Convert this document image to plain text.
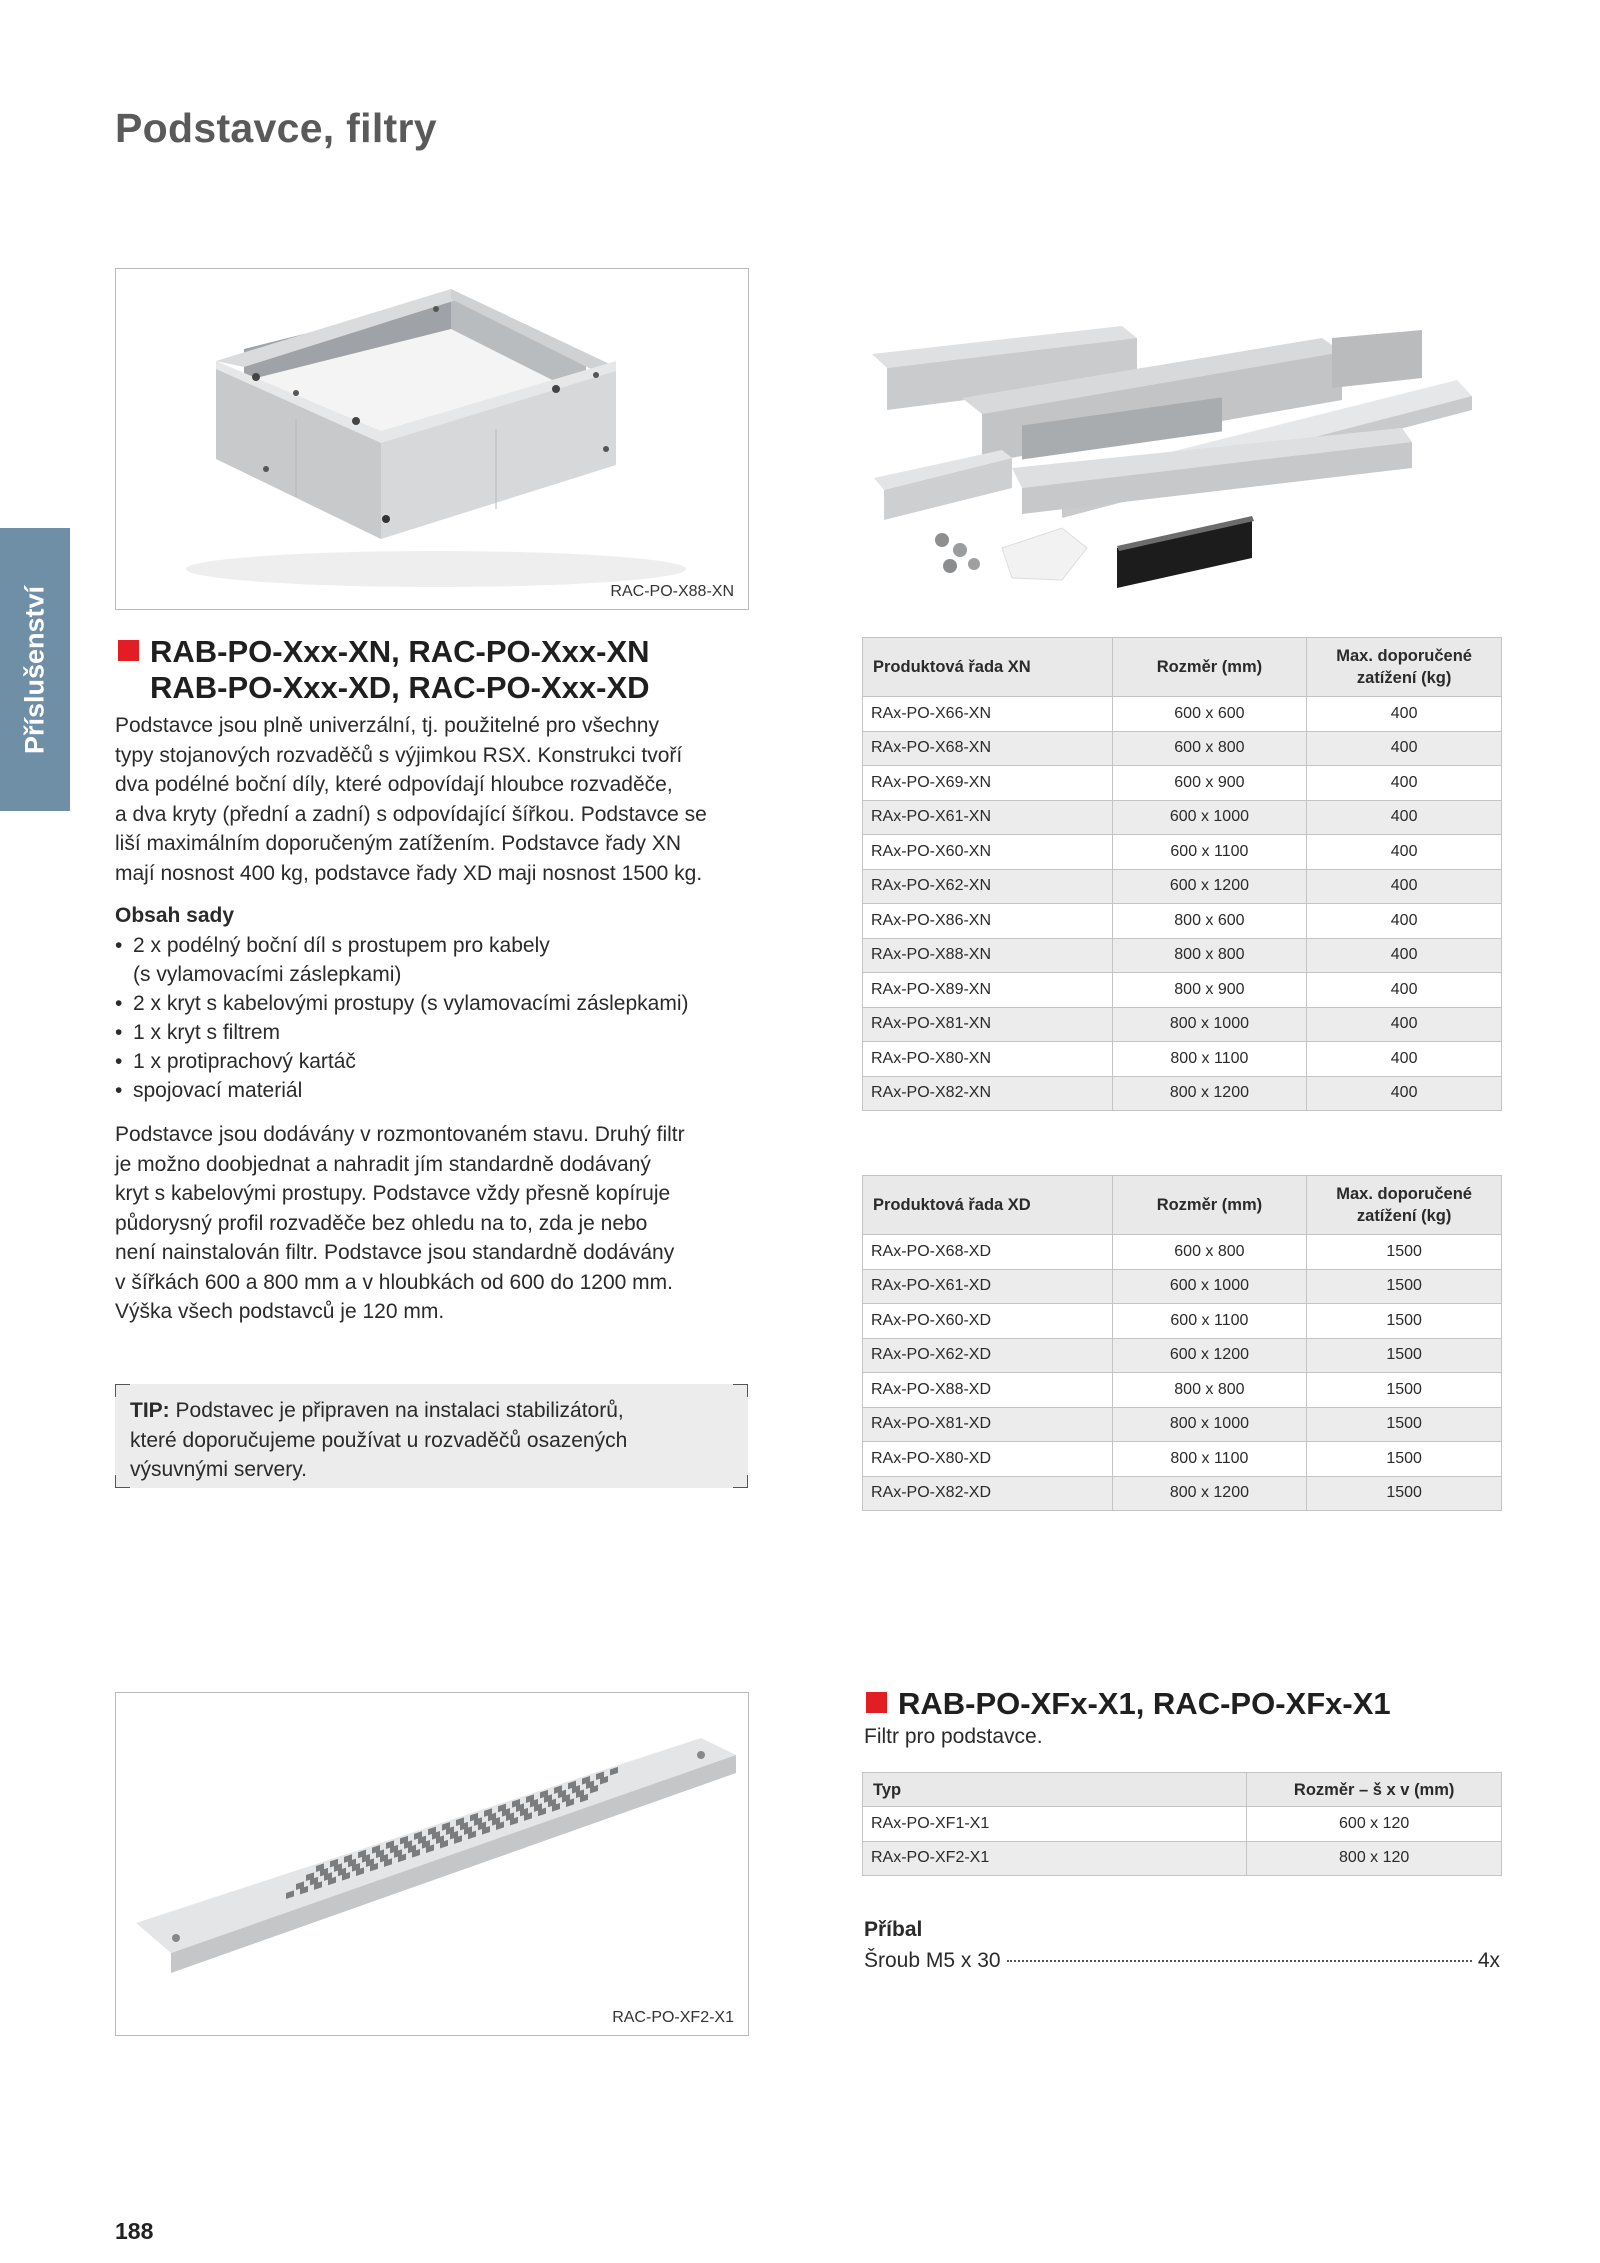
Podstavce, filtry
Příslušenství	RAC-PO-X88-XN
RAB-PO-Xxx-XN, RAC-PO-Xxx-XN
RAB-PO-Xxx-XD, RAC-PO-Xxx-XD
Podstavce jsou plně univerzální, tj. použitelné pro všechny
typy stojanových rozvaděčů s výjimkou RSX. Konstrukci tvoří
dva podélné boční díly, které odpovídají hloubce rozvaděče,
a dva kryty (přední a zadní) s odpovídající šířkou. Podstavce se
liší maximálním doporučeným zatížením. Podstavce řady XN
mají nosnost 400 kg, podstavce řady XD maji nosnost 1500 kg.
Obsah sady
• 2 x podélný boční díl s prostupem pro kabely
(s vylamovacími záslepkami)
• 2 x kryt s kabelovými prostupy (s vylamovacími záslepkami)
• 1 x kryt s filtrem
• 1 x protiprachový kartáč
• spojovací materiál
Podstavce jsou dodávány v rozmontovaném stavu. Druhý filtr
je možno doobjednat a nahradit jím standardně dodávaný
kryt s kabelovými prostupy. Podstavce vždy přesně kopíruje
půdorysný profil rozvaděče bez ohledu na to, zda je nebo
není nainstalován filtr. Podstavce jsou standardně dodávány
v šířkách 600 a 800 mm a v hloubkách od 600 do 1200 mm.
Výška všech podstavců je 120 mm.
TIP: Podstavec je připraven na instalaci stabilizátorů,
které doporučujeme používat u rozvaděčů osazených
výsuvnými servery.
Produktová řada XN	Rozměr (mm)	Max. doporučené zatížení (kg)
RAx-PO-X66-XN	600 x 600	400
RAx-PO-X68-XN	600 x 800	400
RAx-PO-X69-XN	600 x 900	400
RAx-PO-X61-XN	600 x 1000	400
RAx-PO-X60-XN	600 x 1100	400
RAx-PO-X62-XN	600 x 1200	400
RAx-PO-X86-XN	800 x 600	400
RAx-PO-X88-XN	800 x 800	400
RAx-PO-X89-XN	800 x 900	400
RAx-PO-X81-XN	800 x 1000	400
RAx-PO-X80-XN	800 x 1100	400
RAx-PO-X82-XN	800 x 1200	400
Produktová řada XD	Rozměr (mm)	Max. doporučené zatížení (kg)
RAx-PO-X68-XD	600 x 800	1500
RAx-PO-X61-XD	600 x 1000	1500
RAx-PO-X60-XD	600 x 1100	1500
RAx-PO-X62-XD	600 x 1200	1500
RAx-PO-X88-XD	800 x 800	1500
RAx-PO-X81-XD	800 x 1000	1500
RAx-PO-X80-XD	800 x 1100	1500
RAx-PO-X82-XD	800 x 1200	1500
RAC-PO-XF2-X1
RAB-PO-XFx-X1, RAC-PO-XFx-X1
Filtr pro podstavce.
Typ	Rozměr – š x v (mm)
RAx-PO-XF1-X1	600 x 120
RAx-PO-XF2-X1	800 x 120
Příbal
Šroub M5 x 30	4x
188
